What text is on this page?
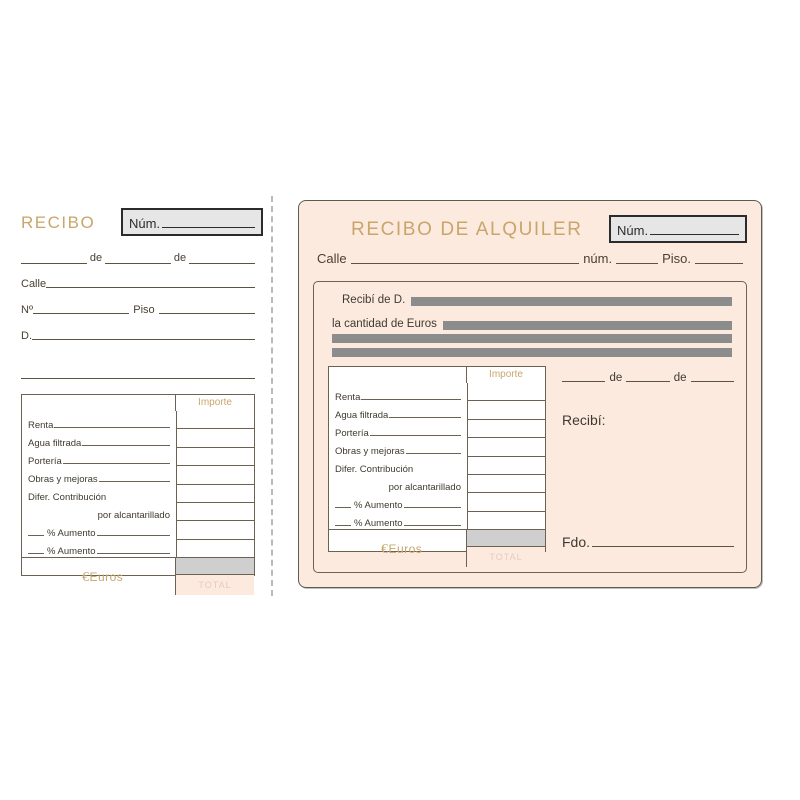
RECIBO	Núm.
de	de
Calle
Nº	Piso
D.
Importe
Renta
Agua filtrada
Portería
Obras y mejoras
Difer. Contribución
por alcantarillado
% Aumento
% Aumento
€Euros
TOTAL
RECIBO DE ALQUILER	Núm.
Calle	núm.	Piso.
Recibí de D.
la cantidad de Euros
Importe
Renta
Agua filtrada
Portería
Obras y mejoras
Difer. Contribución
por alcantarillado
% Aumento
% Aumento
€Euros
TOTAL
de	de
Recibí:
Fdo.
